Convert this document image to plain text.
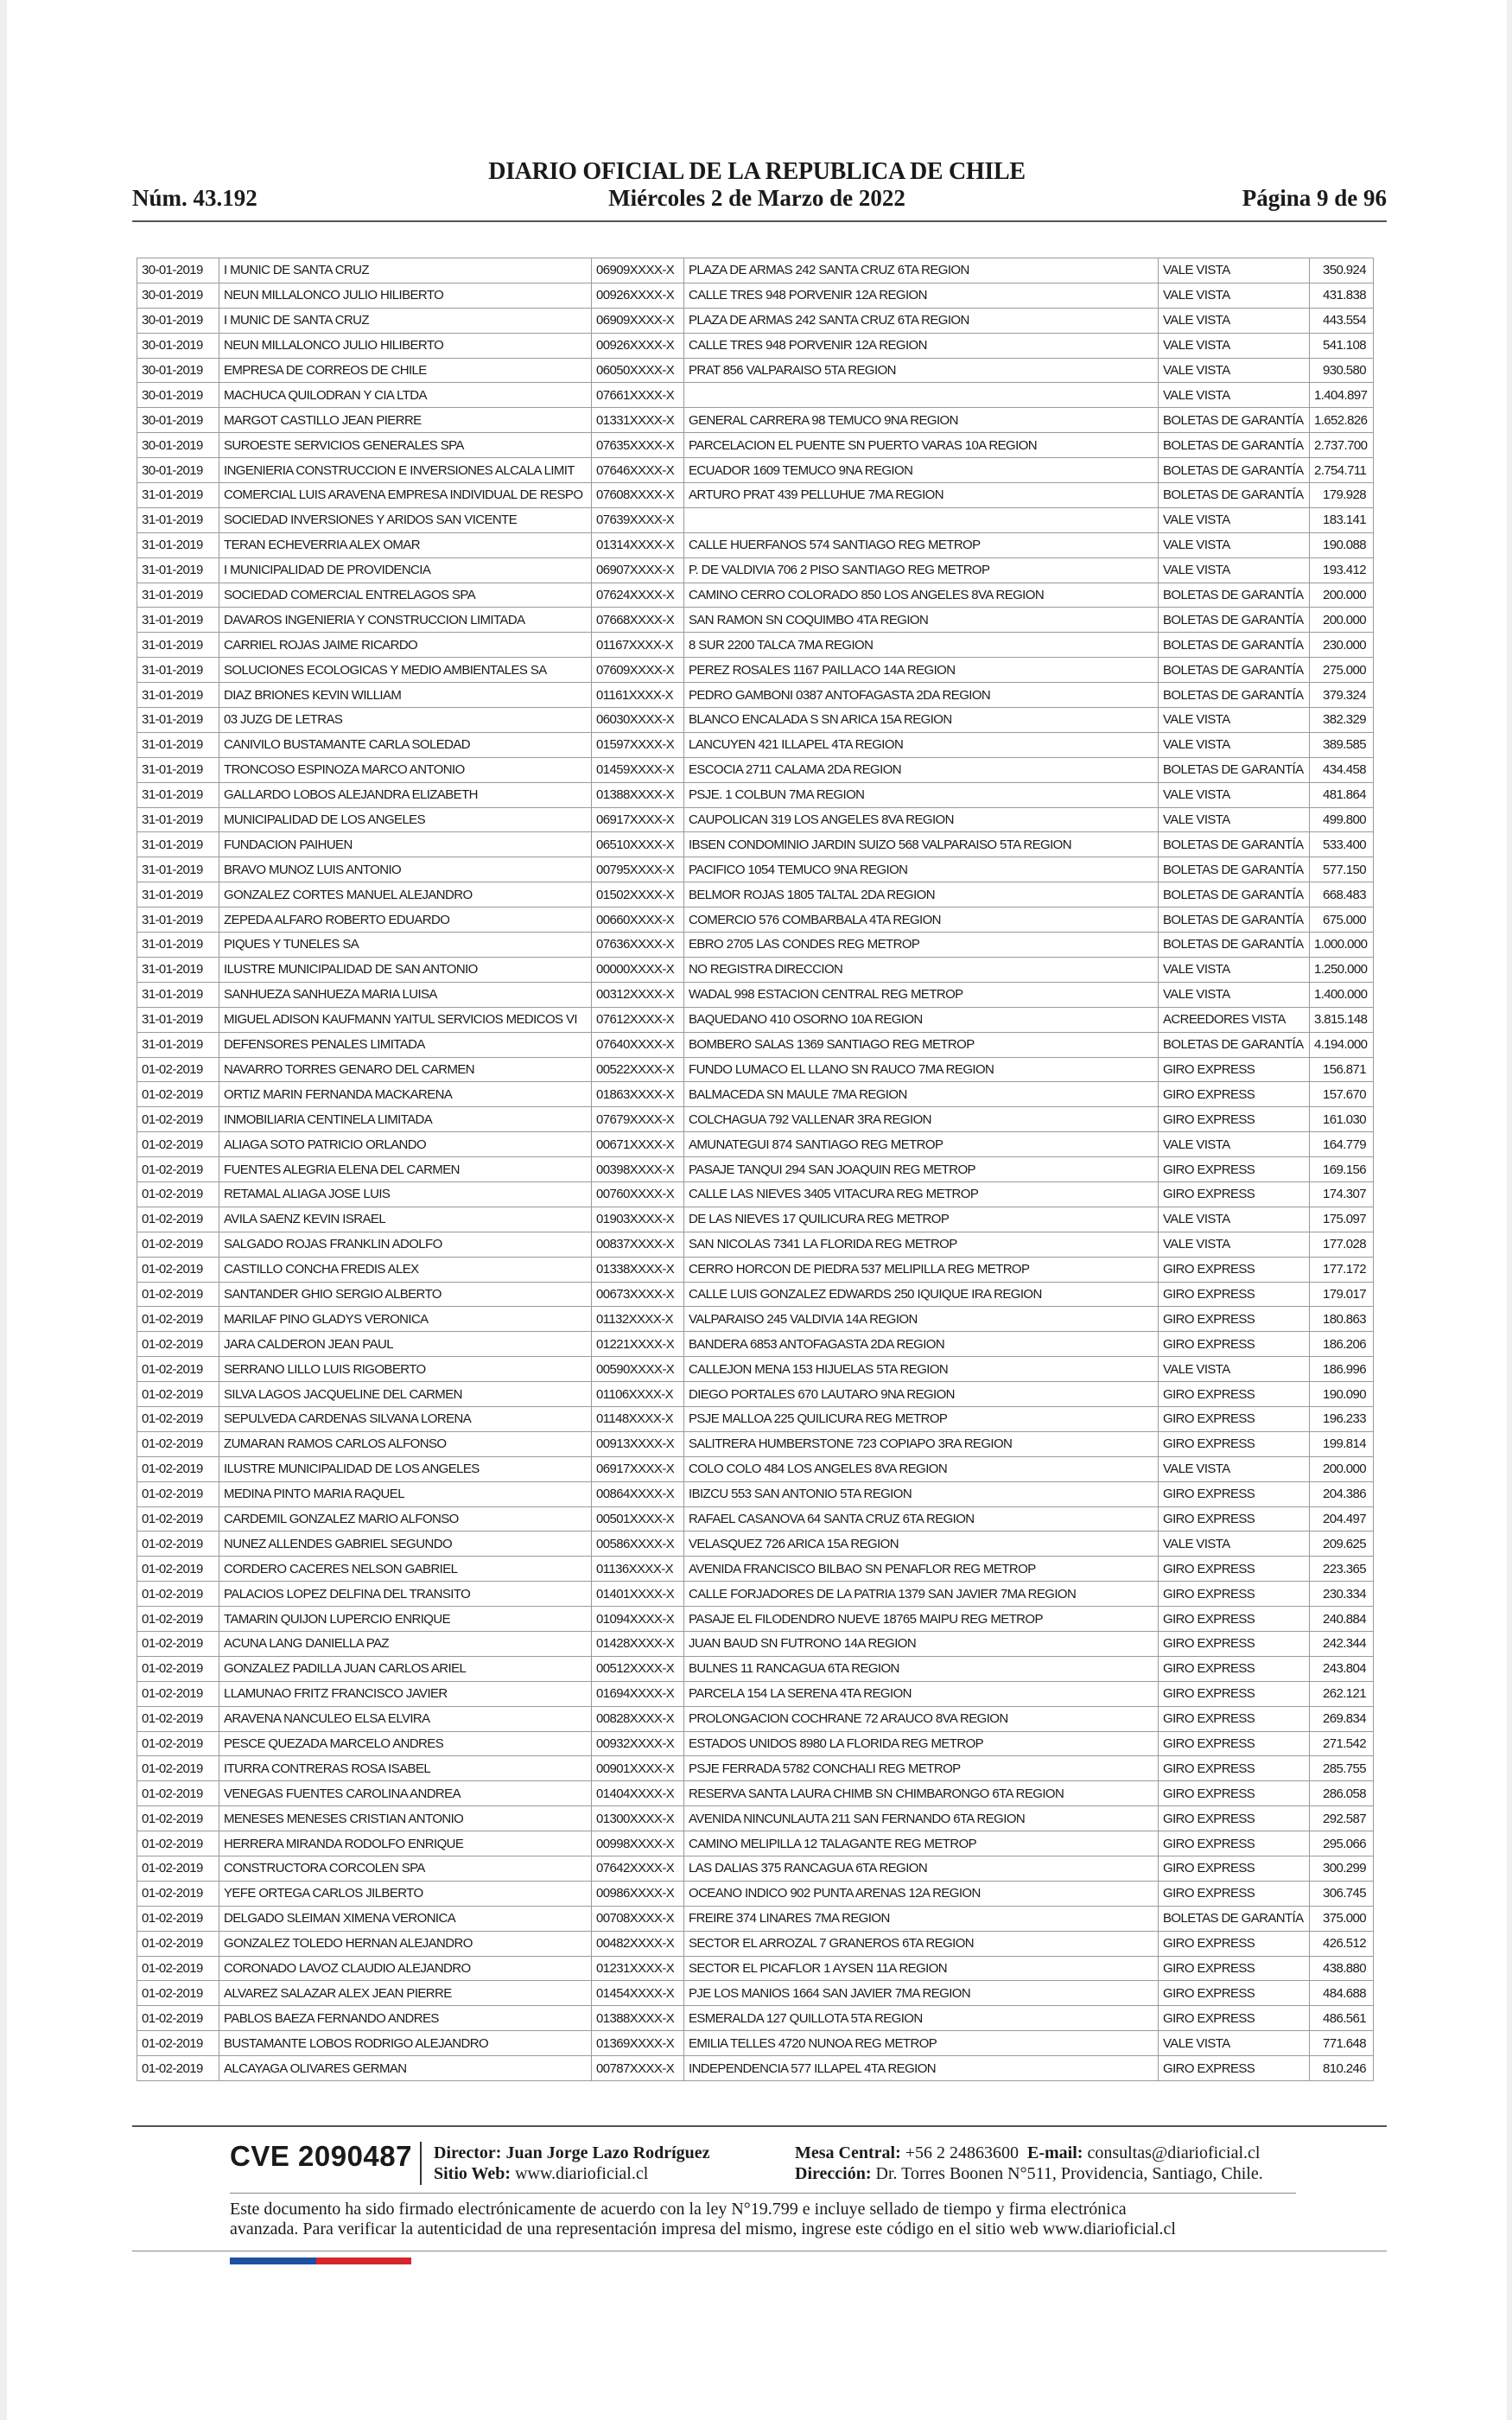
DIARIO OFICIAL DE LA REPUBLICA DE CHILE
Núm. 43.192	Miércoles 2 de Marzo de 2022	Página 9 de 96
30-01-2019	I MUNIC DE SANTA CRUZ	06909XXXX-X	PLAZA DE ARMAS 242 SANTA CRUZ 6TA REGION	VALE VISTA	350.924
30-01-2019	NEUN MILLALONCO JULIO HILIBERTO	00926XXXX-X	CALLE TRES 948 PORVENIR 12A REGION	VALE VISTA	431.838
30-01-2019	I MUNIC DE SANTA CRUZ	06909XXXX-X	PLAZA DE ARMAS 242 SANTA CRUZ 6TA REGION	VALE VISTA	443.554
30-01-2019	NEUN MILLALONCO JULIO HILIBERTO	00926XXXX-X	CALLE TRES 948 PORVENIR 12A REGION	VALE VISTA	541.108
30-01-2019	EMPRESA DE CORREOS DE CHILE	06050XXXX-X	PRAT 856 VALPARAISO 5TA REGION	VALE VISTA	930.580
30-01-2019	MACHUCA QUILODRAN Y CIA LTDA	07661XXXX-X		VALE VISTA	1.404.897
30-01-2019	MARGOT CASTILLO JEAN PIERRE	01331XXXX-X	GENERAL CARRERA 98 TEMUCO 9NA REGION	BOLETAS DE GARANTÍA	1.652.826
30-01-2019	SUROESTE SERVICIOS GENERALES SPA	07635XXXX-X	PARCELACION EL PUENTE SN PUERTO VARAS 10A REGION	BOLETAS DE GARANTÍA	2.737.700
30-01-2019	INGENIERIA CONSTRUCCION E INVERSIONES ALCALA LIMIT	07646XXXX-X	ECUADOR 1609 TEMUCO 9NA REGION	BOLETAS DE GARANTÍA	2.754.711
31-01-2019	COMERCIAL LUIS ARAVENA EMPRESA INDIVIDUAL DE RESPO	07608XXXX-X	ARTURO PRAT 439 PELLUHUE 7MA REGION	BOLETAS DE GARANTÍA	179.928
31-01-2019	SOCIEDAD INVERSIONES Y ARIDOS SAN VICENTE	07639XXXX-X		VALE VISTA	183.141
31-01-2019	TERAN ECHEVERRIA ALEX OMAR	01314XXXX-X	CALLE HUERFANOS 574 SANTIAGO REG METROP	VALE VISTA	190.088
31-01-2019	I MUNICIPALIDAD DE PROVIDENCIA	06907XXXX-X	P. DE VALDIVIA 706 2 PISO SANTIAGO REG METROP	VALE VISTA	193.412
31-01-2019	SOCIEDAD COMERCIAL ENTRELAGOS SPA	07624XXXX-X	CAMINO CERRO COLORADO 850 LOS ANGELES 8VA REGION	BOLETAS DE GARANTÍA	200.000
31-01-2019	DAVAROS INGENIERIA Y CONSTRUCCION LIMITADA	07668XXXX-X	SAN RAMON SN COQUIMBO 4TA REGION	BOLETAS DE GARANTÍA	200.000
31-01-2019	CARRIEL ROJAS JAIME RICARDO	01167XXXX-X	8 SUR 2200 TALCA 7MA REGION	BOLETAS DE GARANTÍA	230.000
31-01-2019	SOLUCIONES ECOLOGICAS Y MEDIO AMBIENTALES SA	07609XXXX-X	PEREZ ROSALES 1167 PAILLACO 14A REGION	BOLETAS DE GARANTÍA	275.000
31-01-2019	DIAZ BRIONES KEVIN WILLIAM	01161XXXX-X	PEDRO GAMBONI 0387 ANTOFAGASTA 2DA REGION	BOLETAS DE GARANTÍA	379.324
31-01-2019	03 JUZG DE LETRAS	06030XXXX-X	BLANCO ENCALADA S SN ARICA 15A REGION	VALE VISTA	382.329
31-01-2019	CANIVILO BUSTAMANTE CARLA SOLEDAD	01597XXXX-X	LANCUYEN 421 ILLAPEL 4TA REGION	VALE VISTA	389.585
31-01-2019	TRONCOSO ESPINOZA MARCO ANTONIO	01459XXXX-X	ESCOCIA 2711 CALAMA 2DA REGION	BOLETAS DE GARANTÍA	434.458
31-01-2019	GALLARDO LOBOS ALEJANDRA ELIZABETH	01388XXXX-X	PSJE. 1 COLBUN 7MA REGION	VALE VISTA	481.864
31-01-2019	MUNICIPALIDAD DE LOS ANGELES	06917XXXX-X	CAUPOLICAN 319 LOS ANGELES 8VA REGION	VALE VISTA	499.800
31-01-2019	FUNDACION PAIHUEN	06510XXXX-X	IBSEN CONDOMINIO JARDIN SUIZO 568 VALPARAISO 5TA REGION	BOLETAS DE GARANTÍA	533.400
31-01-2019	BRAVO MUNOZ LUIS ANTONIO	00795XXXX-X	PACIFICO 1054 TEMUCO 9NA REGION	BOLETAS DE GARANTÍA	577.150
31-01-2019	GONZALEZ CORTES MANUEL ALEJANDRO	01502XXXX-X	BELMOR ROJAS 1805 TALTAL 2DA REGION	BOLETAS DE GARANTÍA	668.483
31-01-2019	ZEPEDA ALFARO ROBERTO EDUARDO	00660XXXX-X	COMERCIO 576 COMBARBALA 4TA REGION	BOLETAS DE GARANTÍA	675.000
31-01-2019	PIQUES Y TUNELES SA	07636XXXX-X	EBRO 2705 LAS CONDES REG METROP	BOLETAS DE GARANTÍA	1.000.000
31-01-2019	ILUSTRE MUNICIPALIDAD DE SAN ANTONIO	00000XXXX-X	NO REGISTRA DIRECCION	VALE VISTA	1.250.000
31-01-2019	SANHUEZA SANHUEZA MARIA LUISA	00312XXXX-X	WADAL 998 ESTACION CENTRAL REG METROP	VALE VISTA	1.400.000
31-01-2019	MIGUEL ADISON KAUFMANN YAITUL SERVICIOS MEDICOS VI	07612XXXX-X	BAQUEDANO 410 OSORNO 10A REGION	ACREEDORES VISTA	3.815.148
31-01-2019	DEFENSORES PENALES LIMITADA	07640XXXX-X	BOMBERO SALAS 1369 SANTIAGO REG METROP	BOLETAS DE GARANTÍA	4.194.000
01-02-2019	NAVARRO TORRES GENARO DEL CARMEN	00522XXXX-X	FUNDO LUMACO EL LLANO SN RAUCO 7MA REGION	GIRO EXPRESS	156.871
01-02-2019	ORTIZ MARIN FERNANDA MACKARENA	01863XXXX-X	BALMACEDA SN MAULE 7MA REGION	GIRO EXPRESS	157.670
01-02-2019	INMOBILIARIA CENTINELA LIMITADA	07679XXXX-X	COLCHAGUA 792 VALLENAR 3RA REGION	GIRO EXPRESS	161.030
01-02-2019	ALIAGA SOTO PATRICIO ORLANDO	00671XXXX-X	AMUNATEGUI 874 SANTIAGO REG METROP	VALE VISTA	164.779
01-02-2019	FUENTES ALEGRIA ELENA DEL CARMEN	00398XXXX-X	PASAJE TANQUI 294 SAN JOAQUIN REG METROP	GIRO EXPRESS	169.156
01-02-2019	RETAMAL ALIAGA JOSE LUIS	00760XXXX-X	CALLE LAS NIEVES 3405 VITACURA REG METROP	GIRO EXPRESS	174.307
01-02-2019	AVILA SAENZ KEVIN ISRAEL	01903XXXX-X	DE LAS NIEVES 17 QUILICURA REG METROP	VALE VISTA	175.097
01-02-2019	SALGADO ROJAS FRANKLIN ADOLFO	00837XXXX-X	SAN NICOLAS 7341 LA FLORIDA REG METROP	VALE VISTA	177.028
01-02-2019	CASTILLO CONCHA FREDIS ALEX	01338XXXX-X	CERRO HORCON DE PIEDRA 537 MELIPILLA REG METROP	GIRO EXPRESS	177.172
01-02-2019	SANTANDER GHIO SERGIO ALBERTO	00673XXXX-X	CALLE LUIS GONZALEZ EDWARDS 250 IQUIQUE IRA REGION	GIRO EXPRESS	179.017
01-02-2019	MARILAF PINO GLADYS VERONICA	01132XXXX-X	VALPARAISO 245 VALDIVIA 14A REGION	GIRO EXPRESS	180.863
01-02-2019	JARA CALDERON JEAN PAUL	01221XXXX-X	BANDERA 6853 ANTOFAGASTA 2DA REGION	GIRO EXPRESS	186.206
01-02-2019	SERRANO LILLO LUIS RIGOBERTO	00590XXXX-X	CALLEJON MENA 153 HIJUELAS 5TA REGION	VALE VISTA	186.996
01-02-2019	SILVA LAGOS JACQUELINE DEL CARMEN	01106XXXX-X	DIEGO PORTALES 670 LAUTARO 9NA REGION	GIRO EXPRESS	190.090
01-02-2019	SEPULVEDA CARDENAS SILVANA LORENA	01148XXXX-X	PSJE MALLOA 225 QUILICURA REG METROP	GIRO EXPRESS	196.233
01-02-2019	ZUMARAN RAMOS CARLOS ALFONSO	00913XXXX-X	SALITRERA HUMBERSTONE 723 COPIAPO 3RA REGION	GIRO EXPRESS	199.814
01-02-2019	ILUSTRE MUNICIPALIDAD DE LOS ANGELES	06917XXXX-X	COLO COLO 484 LOS ANGELES 8VA REGION	VALE VISTA	200.000
01-02-2019	MEDINA PINTO MARIA RAQUEL	00864XXXX-X	IBIZCU 553 SAN ANTONIO 5TA REGION	GIRO EXPRESS	204.386
01-02-2019	CARDEMIL GONZALEZ MARIO ALFONSO	00501XXXX-X	RAFAEL CASANOVA 64 SANTA CRUZ 6TA REGION	GIRO EXPRESS	204.497
01-02-2019	NUNEZ ALLENDES GABRIEL SEGUNDO	00586XXXX-X	VELASQUEZ 726 ARICA 15A REGION	VALE VISTA	209.625
01-02-2019	CORDERO CACERES NELSON GABRIEL	01136XXXX-X	AVENIDA FRANCISCO BILBAO SN PENAFLOR REG METROP	GIRO EXPRESS	223.365
01-02-2019	PALACIOS LOPEZ DELFINA DEL TRANSITO	01401XXXX-X	CALLE FORJADORES DE LA PATRIA 1379 SAN JAVIER 7MA REGION	GIRO EXPRESS	230.334
01-02-2019	TAMARIN QUIJON LUPERCIO ENRIQUE	01094XXXX-X	PASAJE EL FILODENDRO NUEVE 18765 MAIPU REG METROP	GIRO EXPRESS	240.884
01-02-2019	ACUNA LANG DANIELLA PAZ	01428XXXX-X	JUAN BAUD SN FUTRONO 14A REGION	GIRO EXPRESS	242.344
01-02-2019	GONZALEZ PADILLA JUAN CARLOS ARIEL	00512XXXX-X	BULNES 11 RANCAGUA 6TA REGION	GIRO EXPRESS	243.804
01-02-2019	LLAMUNAO FRITZ FRANCISCO JAVIER	01694XXXX-X	PARCELA 154 LA SERENA 4TA REGION	GIRO EXPRESS	262.121
01-02-2019	ARAVENA NANCULEO ELSA ELVIRA	00828XXXX-X	PROLONGACION COCHRANE 72 ARAUCO 8VA REGION	GIRO EXPRESS	269.834
01-02-2019	PESCE QUEZADA MARCELO ANDRES	00932XXXX-X	ESTADOS UNIDOS 8980 LA FLORIDA REG METROP	GIRO EXPRESS	271.542
01-02-2019	ITURRA CONTRERAS ROSA ISABEL	00901XXXX-X	PSJE FERRADA 5782 CONCHALI REG METROP	GIRO EXPRESS	285.755
01-02-2019	VENEGAS FUENTES CAROLINA ANDREA	01404XXXX-X	RESERVA SANTA LAURA CHIMB SN CHIMBARONGO 6TA REGION	GIRO EXPRESS	286.058
01-02-2019	MENESES MENESES CRISTIAN ANTONIO	01300XXXX-X	AVENIDA NINCUNLAUTA 211 SAN FERNANDO 6TA REGION	GIRO EXPRESS	292.587
01-02-2019	HERRERA MIRANDA RODOLFO ENRIQUE	00998XXXX-X	CAMINO MELIPILLA 12 TALAGANTE REG METROP	GIRO EXPRESS	295.066
01-02-2019	CONSTRUCTORA CORCOLEN SPA	07642XXXX-X	LAS DALIAS 375 RANCAGUA 6TA REGION	GIRO EXPRESS	300.299
01-02-2019	YEFE ORTEGA CARLOS JILBERTO	00986XXXX-X	OCEANO INDICO 902 PUNTA ARENAS 12A REGION	GIRO EXPRESS	306.745
01-02-2019	DELGADO SLEIMAN XIMENA VERONICA	00708XXXX-X	FREIRE 374 LINARES 7MA REGION	BOLETAS DE GARANTÍA	375.000
01-02-2019	GONZALEZ TOLEDO HERNAN ALEJANDRO	00482XXXX-X	SECTOR EL ARROZAL 7 GRANEROS 6TA REGION	GIRO EXPRESS	426.512
01-02-2019	CORONADO LAVOZ CLAUDIO ALEJANDRO	01231XXXX-X	SECTOR EL PICAFLOR 1 AYSEN 11A REGION	GIRO EXPRESS	438.880
01-02-2019	ALVAREZ SALAZAR ALEX JEAN PIERRE	01454XXXX-X	PJE LOS MANIOS 1664 SAN JAVIER 7MA REGION	GIRO EXPRESS	484.688
01-02-2019	PABLOS BAEZA FERNANDO ANDRES	01388XXXX-X	ESMERALDA 127 QUILLOTA 5TA REGION	GIRO EXPRESS	486.561
01-02-2019	BUSTAMANTE LOBOS RODRIGO ALEJANDRO	01369XXXX-X	EMILIA TELLES 4720 NUNOA REG METROP	VALE VISTA	771.648
01-02-2019	ALCAYAGA OLIVARES GERMAN	00787XXXX-X	INDEPENDENCIA 577 ILLAPEL 4TA REGION	GIRO EXPRESS	810.246
CVE 2090487 Director: Juan Jorge Lazo Rodríguez
Sitio Web: www.diarioficial.cl
Mesa Central: +56 2 24863600 E-mail: consultas@diarioficial.cl
Dirección: Dr. Torres Boonen N°511, Providencia, Santiago, Chile.
Este documento ha sido firmado electrónicamente de acuerdo con la ley N°19.799 e incluye sellado de tiempo y firma electrónica
avanzada. Para verificar la autenticidad de una representación impresa del mismo, ingrese este código en el sitio web www.diarioficial.cl
